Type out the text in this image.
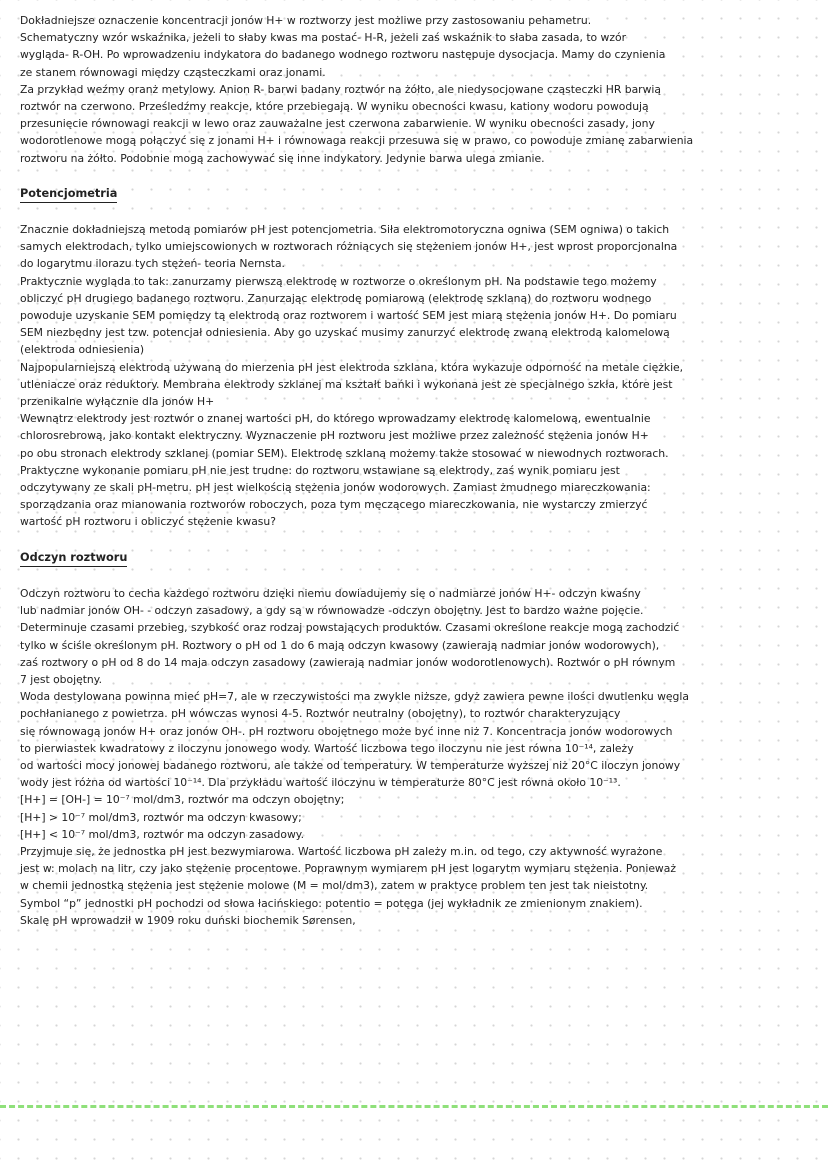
Dokładniejsze oznaczenie koncentracji jonów H+ w roztworzy jest możliwe przy zastosowaniu pehametru.

Schematyczny wzór wskaźnika, jeżeli to słaby kwas ma postać- H-R, jeżeli zaś wskaźnik to słaba zasada, to wzór

wygląda- R-OH. Po wprowadzeniu indykatora do badanego wodnego roztworu następuje dysocjacja. Mamy do czynienia

ze stanem równowagi między cząsteczkami oraz jonami.

Za przykład weźmy oranż metylowy. Anion R- barwi badany roztwór na żółto, ale niedysocjowane cząsteczki HR barwią

roztwór na czerwono. Prześledźmy reakcje, które przebiegają. W wyniku obecności kwasu, kationy wodoru powodują

przesunięcie równowagi reakcji w lewo oraz zauważalne jest czerwona zabarwienie. W wyniku obecności zasady, jony

wodorotlenowe mogą połączyć się z jonami H+ i równowaga reakcji przesuwa się w prawo, co powoduje zmianę zabarwienia

roztworu na żółto. Podobnie mogą zachowywać się inne indykatory. Jedynie barwa ulega zmianie.

Potencjometria

Znacznie dokładniejszą metodą pomiarów pH jest potencjometria. Siła elektromotoryczna ogniwa (SEM ogniwa) o takich

samych elektrodach, tylko umiejscowionych w roztworach różniących się stężeniem jonów H+, jest wprost proporcjonalna

do logarytmu ilorazu tych stężeń- teoria Nernsta.

Praktycznie wygląda to tak: zanurzamy pierwszą elektrodę w roztworze o określonym pH. Na podstawie tego możemy

obliczyć pH drugiego badanego roztworu. Zanurzając elektrodę pomiarową (elektrodę szklaną) do roztworu wodnego

powoduje uzyskanie SEM pomiędzy tą elektrodą oraz roztworem i wartość SEM jest miarą stężenia jonów H+. Do pomiaru

SEM niezbędny jest tzw. potencjał odniesienia. Aby go uzyskać musimy zanurzyć elektrodę zwaną elektrodą kalomelową

(elektroda odniesienia)

Najpopularniejszą elektrodą używaną do mierzenia pH jest elektroda szklana, która wykazuje odporność na metale ciężkie,

utleniacze oraz reduktory. Membrana elektrody szklanej ma kształt bańki i wykonana jest ze specjalnego szkła, które jest

przenikalne wyłącznie dla jonów H+

Wewnątrz elektrody jest roztwór o znanej wartości pH, do którego wprowadzamy elektrodę kalomelową, ewentualnie

chlorosrebrową, jako kontakt elektryczny. Wyznaczenie pH roztworu jest możliwe przez zależność stężenia jonów H+

po obu stronach elektrody szklanej (pomiar SEM). Elektrodę szklaną możemy także stosować w niewodnych roztworach.

Praktyczne wykonanie pomiaru pH nie jest trudne: do roztworu wstawiane są elektrody, zaś wynik pomiaru jest

odczytywany ze skali pH-metru. pH jest wielkością stężenia jonów wodorowych. Zamiast żmudnego miareczkowania:

sporządzania oraz mianowania roztworów roboczych, poza tym męczącego miareczkowania, nie wystarczy zmierzyć

wartość pH roztworu i obliczyć stężenie kwasu?

Odczyn roztworu

Odczyn roztworu to cecha każdego roztworu dzięki niemu dowiadujemy się o nadmiarze jonów H+- odczyn kwaśny

lub nadmiar jonów OH- - odczyn zasadowy, a gdy są w równowadze -odczyn obojętny. Jest to bardzo ważne pojęcie.

Determinuje czasami przebieg, szybkość oraz rodzaj powstających produktów. Czasami określone reakcje mogą zachodzić

tylko w ściśle określonym pH. Roztwory o pH od 1 do 6 mają odczyn kwasowy (zawierają nadmiar jonów wodorowych),

zaś roztwory o pH od 8 do 14 maja odczyn zasadowy (zawierają nadmiar jonów wodorotlenowych). Roztwór o pH równym

7 jest obojętny.

Woda destylowana powinna mieć pH=7, ale w rzeczywistości ma zwykle niższe, gdyż zawiera pewne ilości dwutlenku węgla

pochłanianego z powietrza. pH wówczas wynosi 4-5. Roztwór neutralny (obojętny), to roztwór charakteryzujący

się równowagą jonów H+ oraz jonów OH-. pH roztworu obojętnego może być inne niż 7. Koncentracja jonów wodorowych

to pierwiastek kwadratowy z iloczynu jonowego wody. Wartość liczbowa tego iloczynu nie jest równa 10⁻¹⁴, zależy

od wartości mocy jonowej badanego roztworu, ale także od temperatury. W temperaturze wyższej niż 20°C iloczyn jonowy

wody jest różna od wartości 10⁻¹⁴. Dla przykładu wartość iloczynu w temperaturze 80°C jest równa około 10⁻¹³.

[H+] = [OH-] = 10⁻⁷ mol/dm3, roztwór ma odczyn obojętny;

[H+] > 10⁻⁷ mol/dm3, roztwór ma odczyn kwasowy;

[H+] < 10⁻⁷ mol/dm3, roztwór ma odczyn zasadowy.

Przyjmuje się, że jednostka pH jest bezwymiarowa. Wartość liczbowa pH zależy m.in. od tego, czy aktywność wyrażone

jest w: molach na litr, czy jako stężenie procentowe. Poprawnym wymiarem pH jest logarytm wymiaru stężenia. Ponieważ

w chemii jednostką stężenia jest stężenie molowe (M = mol/dm3), zatem w praktyce problem ten jest tak nieistotny.

Symbol “p” jednostki pH pochodzi od słowa łacińskiego: potentio = potęga (jej wykładnik ze zmienionym znakiem).

Skalę pH wprowadził w 1909 roku duński biochemik Sørensen,
